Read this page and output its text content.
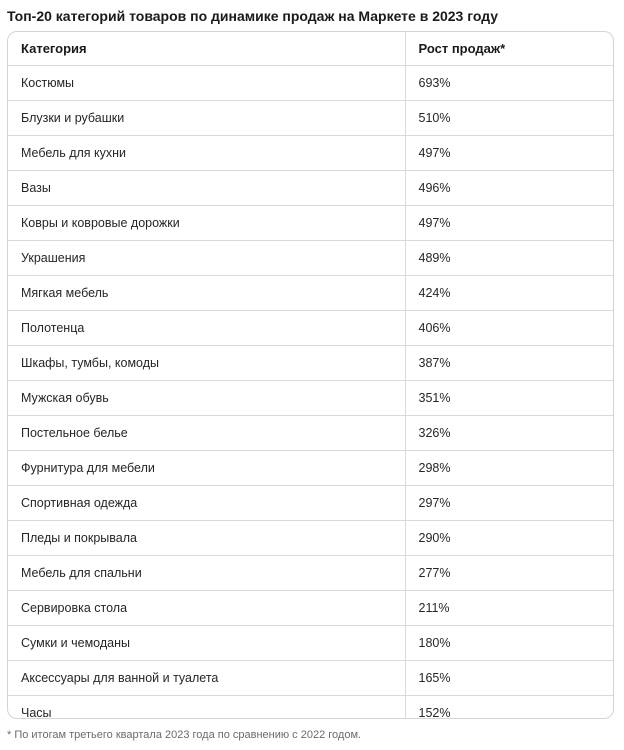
Топ-20 категорий товаров по динамике продаж на Маркете в 2023 году
Категория	Рост продаж*
Костюмы	693%
Блузки и рубашки	510%
Мебель для кухни	497%
Вазы	496%
Ковры и ковровые дорожки	497%
Украшения	489%
Мягкая мебель	424%
Полотенца	406%
Шкафы, тумбы, комоды	387%
Мужская обувь	351%
Постельное белье	326%
Фурнитура для мебели	298%
Спортивная одежда	297%
Пледы и покрывала	290%
Мебель для спальни	277%
Сервировка стола	211%
Сумки и чемоданы	180%
Аксессуары для ванной и туалета	165%
Часы	152%
* По итогам третьего квартала 2023 года по сравнению с 2022 годом.
